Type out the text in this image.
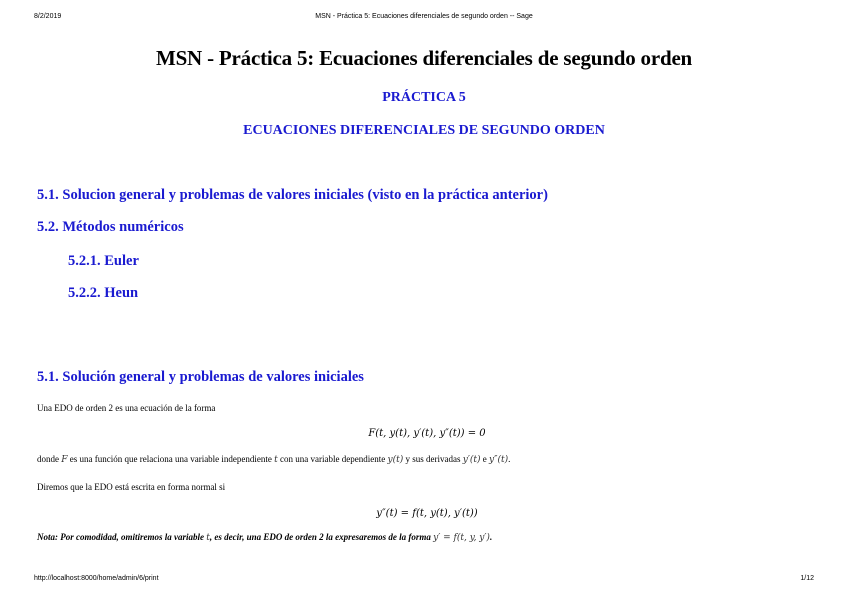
8/2/2019	MSN - Práctica 5: Ecuaciones diferenciales de segundo orden -- Sage
MSN - Práctica 5: Ecuaciones diferenciales de segundo orden
PRÁCTICA 5
ECUACIONES DIFERENCIALES DE SEGUNDO ORDEN
5.1. Solucion general y problemas de valores iniciales (visto en la práctica anterior)
5.2. Métodos numéricos
5.2.1. Euler
5.2.2. Heun
5.1. Solución general y problemas de valores iniciales
Una EDO de orden 2 es una ecuación de la forma
F(t, y(t), y′(t), y″(t)) = 0
donde F es una función que relaciona una variable independiente t con una variable dependiente y(t) y sus derivadas y′(t) e y″(t).
Diremos que la EDO está escrita en forma normal si
y″(t) = f(t, y(t), y′(t))
Nota: Por comodidad, omitiremos la variable t, es decir, una EDO de orden 2 la expresaremos de la forma y′ = f(t, y, y′).
http://localhost:8000/home/admin/6/print	1/12
